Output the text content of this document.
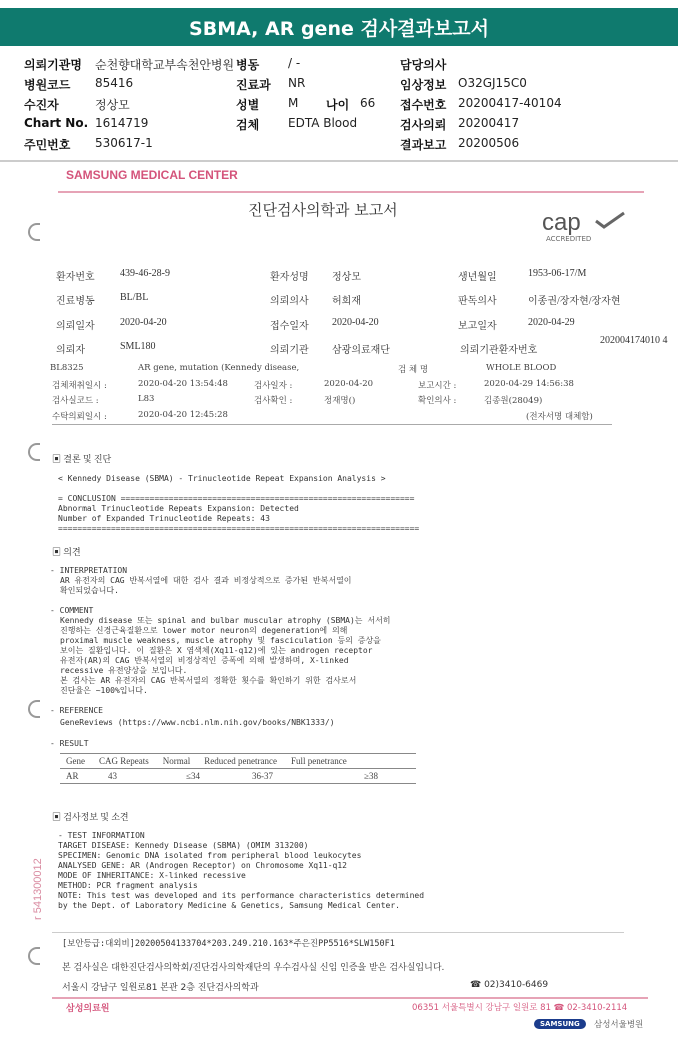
SBMA, AR gene 검사결과보고서
의뢰기관명 순천향대학교부속천안병원 병동 / -	담당의사
병원코드 85416	진료과 NR	임상정보 O32GJ15C0
수진자	정상모	성별 M 나이 66 접수번호 20200417-40104
Chart No. 1614719	검체 EDTA Blood	검사의뢰 20200417
주민번호 530617-1	결과보고 20200506
SAMSUNG MEDICAL CENTER
진단검사의학과 보고서	cap
ACCREDITED
환자번호	439-46-28-9	환자성명 정상모	생년월일	1953-06-17/M
진료병동	BL/BL	의뢰의사 허희재	판독의사	이종권/장자현/장자현
의뢰일자	2020-04-20	접수일자 2020-04-20	보고일자	2020-04-29
의뢰자	SML180	의뢰기관 삼광의료재단	의뢰기관환자번호
202004174010 4
BL8325	AR gene, mutation (Kennedy disease,	검 체 명	WHOLE BLOOD
검체채취일시 :	2020-04-20 13:54:48	검사일자 :	2020-04-20	보고시간 :	2020-04-29 14:56:38
검사실코드 :	L83	검사확인 :	정재명()	확인의사 :	김종원(28049)
수탁의뢰일시 :	2020-04-20 12:45:28	(전자서명 대체함)
▣ 결론 및 진단
< Kennedy Disease (SBMA) - Trinucleotide Repeat Expansion Analysis >
= CONCLUSION =============================================================
Abnormal Trinucleotide Repeats Expansion: Detected
Number of Expanded Trinucleotide Repeats: 43
===========================================================================
▣ 의견
- INTERPRETATION
AR 유전자의 CAG 반복서열에 대한 검사 결과 비정상적으로 증가된 반복서열이
확인되었습니다.
- COMMENT
Kennedy disease 또는 spinal and bulbar muscular atrophy (SBMA)는 서서히
진행하는 신경근육질환으로 lower motor neuron의 degeneration에 의해
proximal muscle weakness, muscle atrophy 및 fasciculation 등의 증상을
보이는 질환입니다. 이 질환은 X 염색체(Xq11-q12)에 있는 androgen receptor
유전자(AR)의 CAG 반복서열의 비정상적인 증폭에 의해 발생하며, X-linked
recessive 유전양상을 보입니다.
본 검사는 AR 유전자의 CAG 반복서열의 정확한 횟수를 확인하기 위한 검사로서
진단율은 ~100%입니다.
- REFERENCE
GeneReviews (https://www.ncbi.nlm.nih.gov/books/NBK1333/)
- RESULT
Gene	CAG Repeats	Normal	Reduced penetrance	Full penetrance
AR	43	≤34	36-37	≥38
▣ 검사정보 및 소견
- TEST INFORMATION
TARGET DISEASE: Kennedy Disease (SBMA) (OMIM 313200)
SPECIMEN: Genomic DNA isolated from peripheral blood leukocytes
ANALYSED GENE: AR (Androgen Receptor) on Chromosome Xq11-q12
MODE OF INHERITANCE: X-linked recessive
METHOD: PCR fragment analysis
NOTE: This test was developed and its performance characteristics determined
by the Dept. of Laboratory Medicine & Genetics, Samsung Medical Center.
r 541300012
[보안등급:대외비]20200504133704*203.249.210.163*주은진PP5516*SLW150F1
본 검사실은 대한진단검사의학회/진단검사의학재단의 우수검사실 신임 인증을 받은 검사실입니다.
서울시 강남구 일원로81 본관 2층 진단검사의학과	☎ 02)3410-6469
삼성의료원	06351 서울특별시 강남구 일원로 81 ☎ 02-3410-2114
SAMSUNG	삼성서울병원
